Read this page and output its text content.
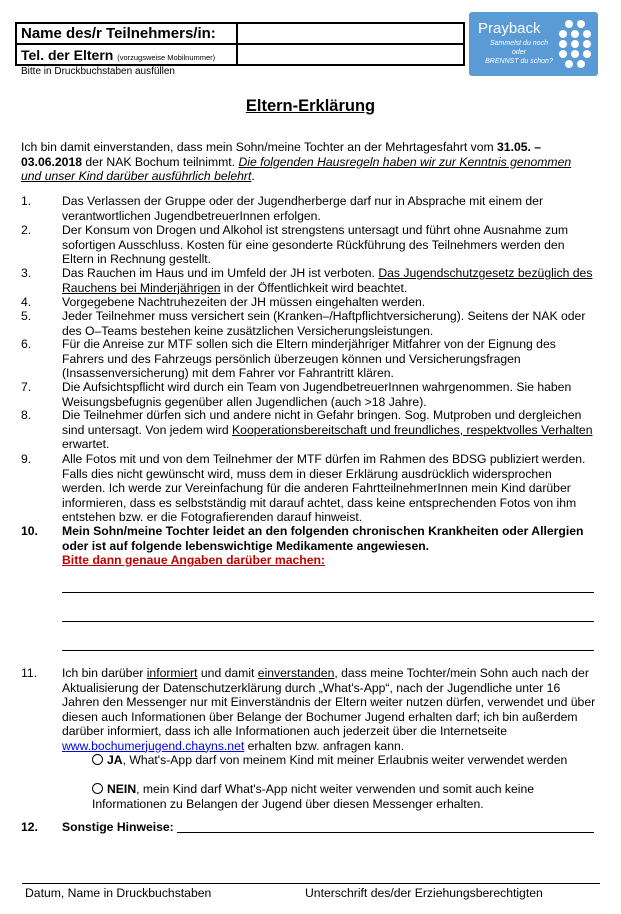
Name des/r Teilnehmers/in:	
Tel. der Eltern (vorzugsweise Mobilnummer)	
Bitte in Druckbuchstaben ausfüllen
Prayback
Sammelst du noch
oder
BRENNST du schon?
Eltern-Erklärung
Ich bin damit einverstanden, dass mein Sohn/meine Tochter an der Mehrtagesfahrt vom 31.05. – 03.06.2018 der NAK Bochum teilnimmt. Die folgenden Hausregeln haben wir zur Kenntnis genommen und unser Kind darüber ausführlich belehrt.
1.	Das Verlassen der Gruppe oder der Jugendherberge darf nur in Absprache mit einem der verantwortlichen JugendbetreuerInnen erfolgen.
2.	Der Konsum von Drogen und Alkohol ist strengstens untersagt und führt ohne Ausnahme zum sofortigen Ausschluss. Kosten für eine gesonderte Rückführung des Teilnehmers werden den Eltern in Rechnung gestellt.
3.	Das Rauchen im Haus und im Umfeld der JH ist verboten. Das Jugendschutzgesetz bezüglich des Rauchens bei Minderjährigen in der Öffentlichkeit wird beachtet.
4.	Vorgegebene Nachtruhezeiten der JH müssen eingehalten werden.
5.	Jeder Teilnehmer muss versichert sein (Kranken–/Haftpflichtversicherung). Seitens der NAK oder des O–Teams bestehen keine zusätzlichen Versicherungsleistungen.
6.	Für die Anreise zur MTF sollen sich die Eltern minderjähriger Mitfahrer von der Eignung des Fahrers und des Fahrzeugs persönlich überzeugen können und Versicherungsfragen (Insassenversicherung) mit dem Fahrer vor Fahrantritt klären.
7.	Die Aufsichtspflicht wird durch ein Team von JugendbetreuerInnen wahrgenommen. Sie haben Weisungsbefugnis gegenüber allen Jugendlichen (auch >18 Jahre).
8.	Die Teilnehmer dürfen sich und andere nicht in Gefahr bringen. Sog. Mutproben und dergleichen sind untersagt. Von jedem wird Kooperationsbereitschaft und freundliches, respektvolles Verhalten erwartet.
9.	Alle Fotos mit und von dem Teilnehmer der MTF dürfen im Rahmen des BDSG publiziert werden. Falls dies nicht gewünscht wird, muss dem in dieser Erklärung ausdrücklich widersprochen werden. Ich werde zur Vereinfachung für die anderen FahrtteilnehmerInnen mein Kind darüber informieren, dass es selbstständig mit darauf achtet, dass keine entsprechenden Fotos von ihm entstehen bzw. er die Fotografierenden darauf hinweist.
10. Mein Sohn/meine Tochter leidet an den folgenden chronischen Krankheiten oder Allergien oder ist auf folgende lebenswichtige Medikamente angewiesen.
Bitte dann genaue Angaben darüber machen:
11. Ich bin darüber informiert und damit einverstanden, dass meine Tochter/mein Sohn auch nach der Aktualisierung der Datenschutzerklärung durch „What's-App“, nach der Jugendliche unter 16 Jahren den Messenger nur mit Einverständnis der Eltern weiter nutzen dürfen, verwendet und über diesen auch Informationen über Belange der Bochumer Jugend erhalten darf; ich bin außerdem darüber informiert, dass ich alle Informationen auch jederzeit über die Internetseite www.bochumerjugend.chayns.net erhalten bzw. anfragen kann.
JA, What's-App darf von meinem Kind mit meiner Erlaubnis weiter verwendet werden
NEIN, mein Kind darf What's-App nicht weiter verwenden und somit auch keine Informationen zu Belangen der Jugend über diesen Messenger erhalten.
12. Sonstige Hinweise:
Datum, Name in Druckbuchstaben	Unterschrift des/der Erziehungsberechtigten
